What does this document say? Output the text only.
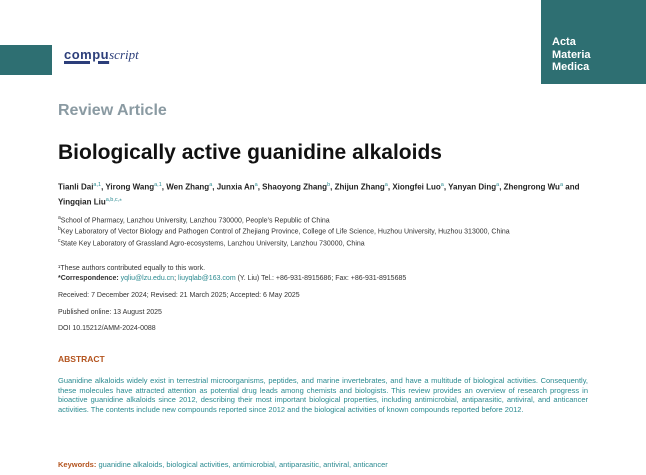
Acta
Materia
Medica
compuscript
Review Article
Biologically active guanidine alkaloids
Tianli Dai$^{a,1}$, Yirong Wang$^{a,1}$, Wen Zhang$^a$, Junxia An$^a$, Shaoyong Zhang$^b$, Zhijun Zhang$^a$, Xiongfei Luo$^a$, Yanyan Ding$^a$, Zhengrong Wu$^a$ and Yingqian Liu$^{a,b,c,⁎}$
$^a$School of Pharmacy, Lanzhou University, Lanzhou 730000, People’s Republic of China
$^b$Key Laboratory of Vector Biology and Pathogen Control of Zhejiang Province, College of Life Science, Huzhou University, Huzhou 313000, China
$^c$State Key Laboratory of Grassland Agro-ecosystems, Lanzhou University, Lanzhou 730000, China
¹These authors contributed equally to this work.
*Correspondence: yqliu@lzu.edu.cn; liuyqlab@163.com (Y. Liu) Tel.: +86-931-8915686; Fax: +86-931-8915685
Received: 7 December 2024; Revised: 21 March 2025; Accepted: 6 May 2025
Published online: 13 August 2025
DOI 10.15212/AMM-2024-0088
ABSTRACT

Guanidine alkaloids widely exist in terrestrial microorganisms, peptides, and marine invertebrates, and have a multitude of biological activities. Consequently, these molecules have attracted attention as potential drug leads among chemists and biologists. This review provides an overview of research progress in bioactive guanidine alkaloids since 2012, describing their most important biological properties, including antimicrobial, antiparasitic, antiviral, and anticancer activities. The contents include new compounds reported since 2012 and the biological activities of known compounds reported before 2012.

Keywords: guanidine alkaloids, biological activities, antimicrobial, antiparasitic, antiviral, anticancer
